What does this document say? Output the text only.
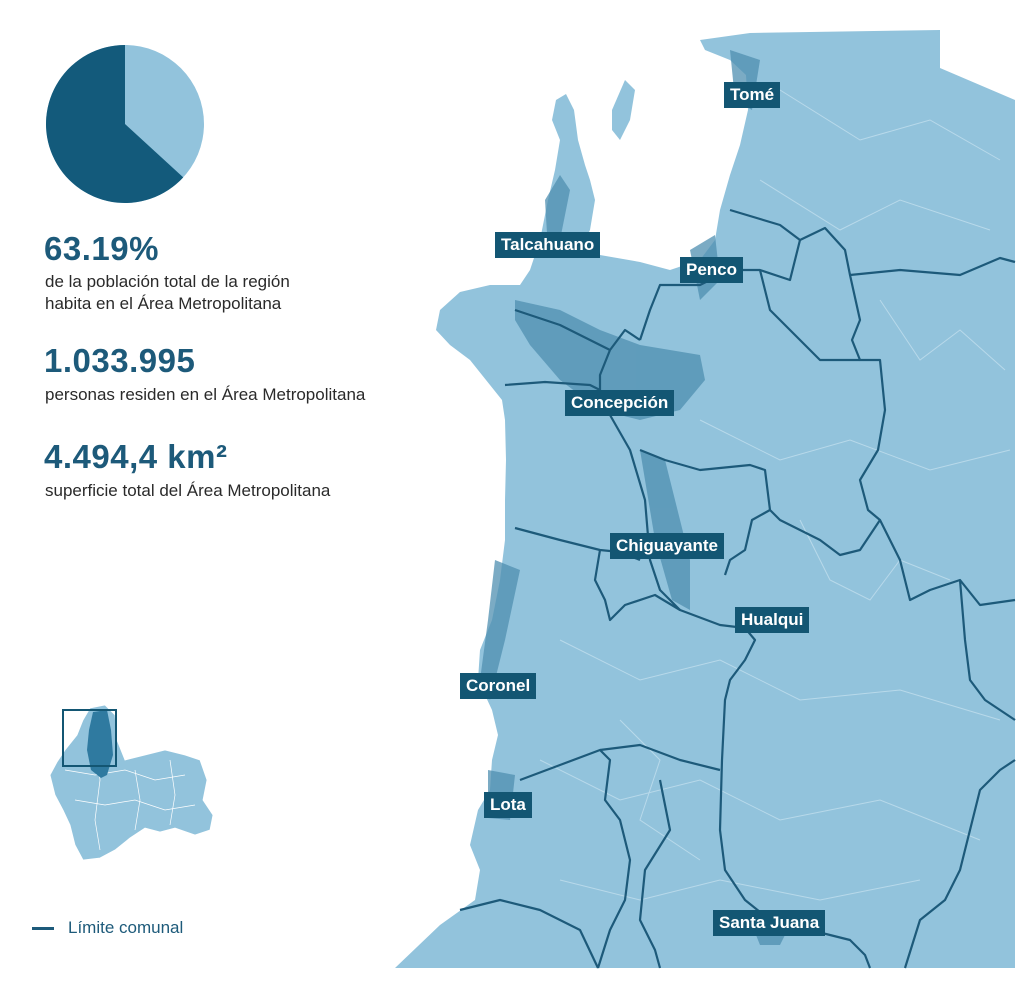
63.19%
de la población total de la región
habita en el Área Metropolitana
1.033.995
personas residen en el Área Metropolitana
4.494,4 km²
superficie total del Área Metropolitana
Tomé
Talcahuano
Penco
Concepción
Chiguayante
Hualqui
Coronel
Lota
Santa Juana
Límite comunal
